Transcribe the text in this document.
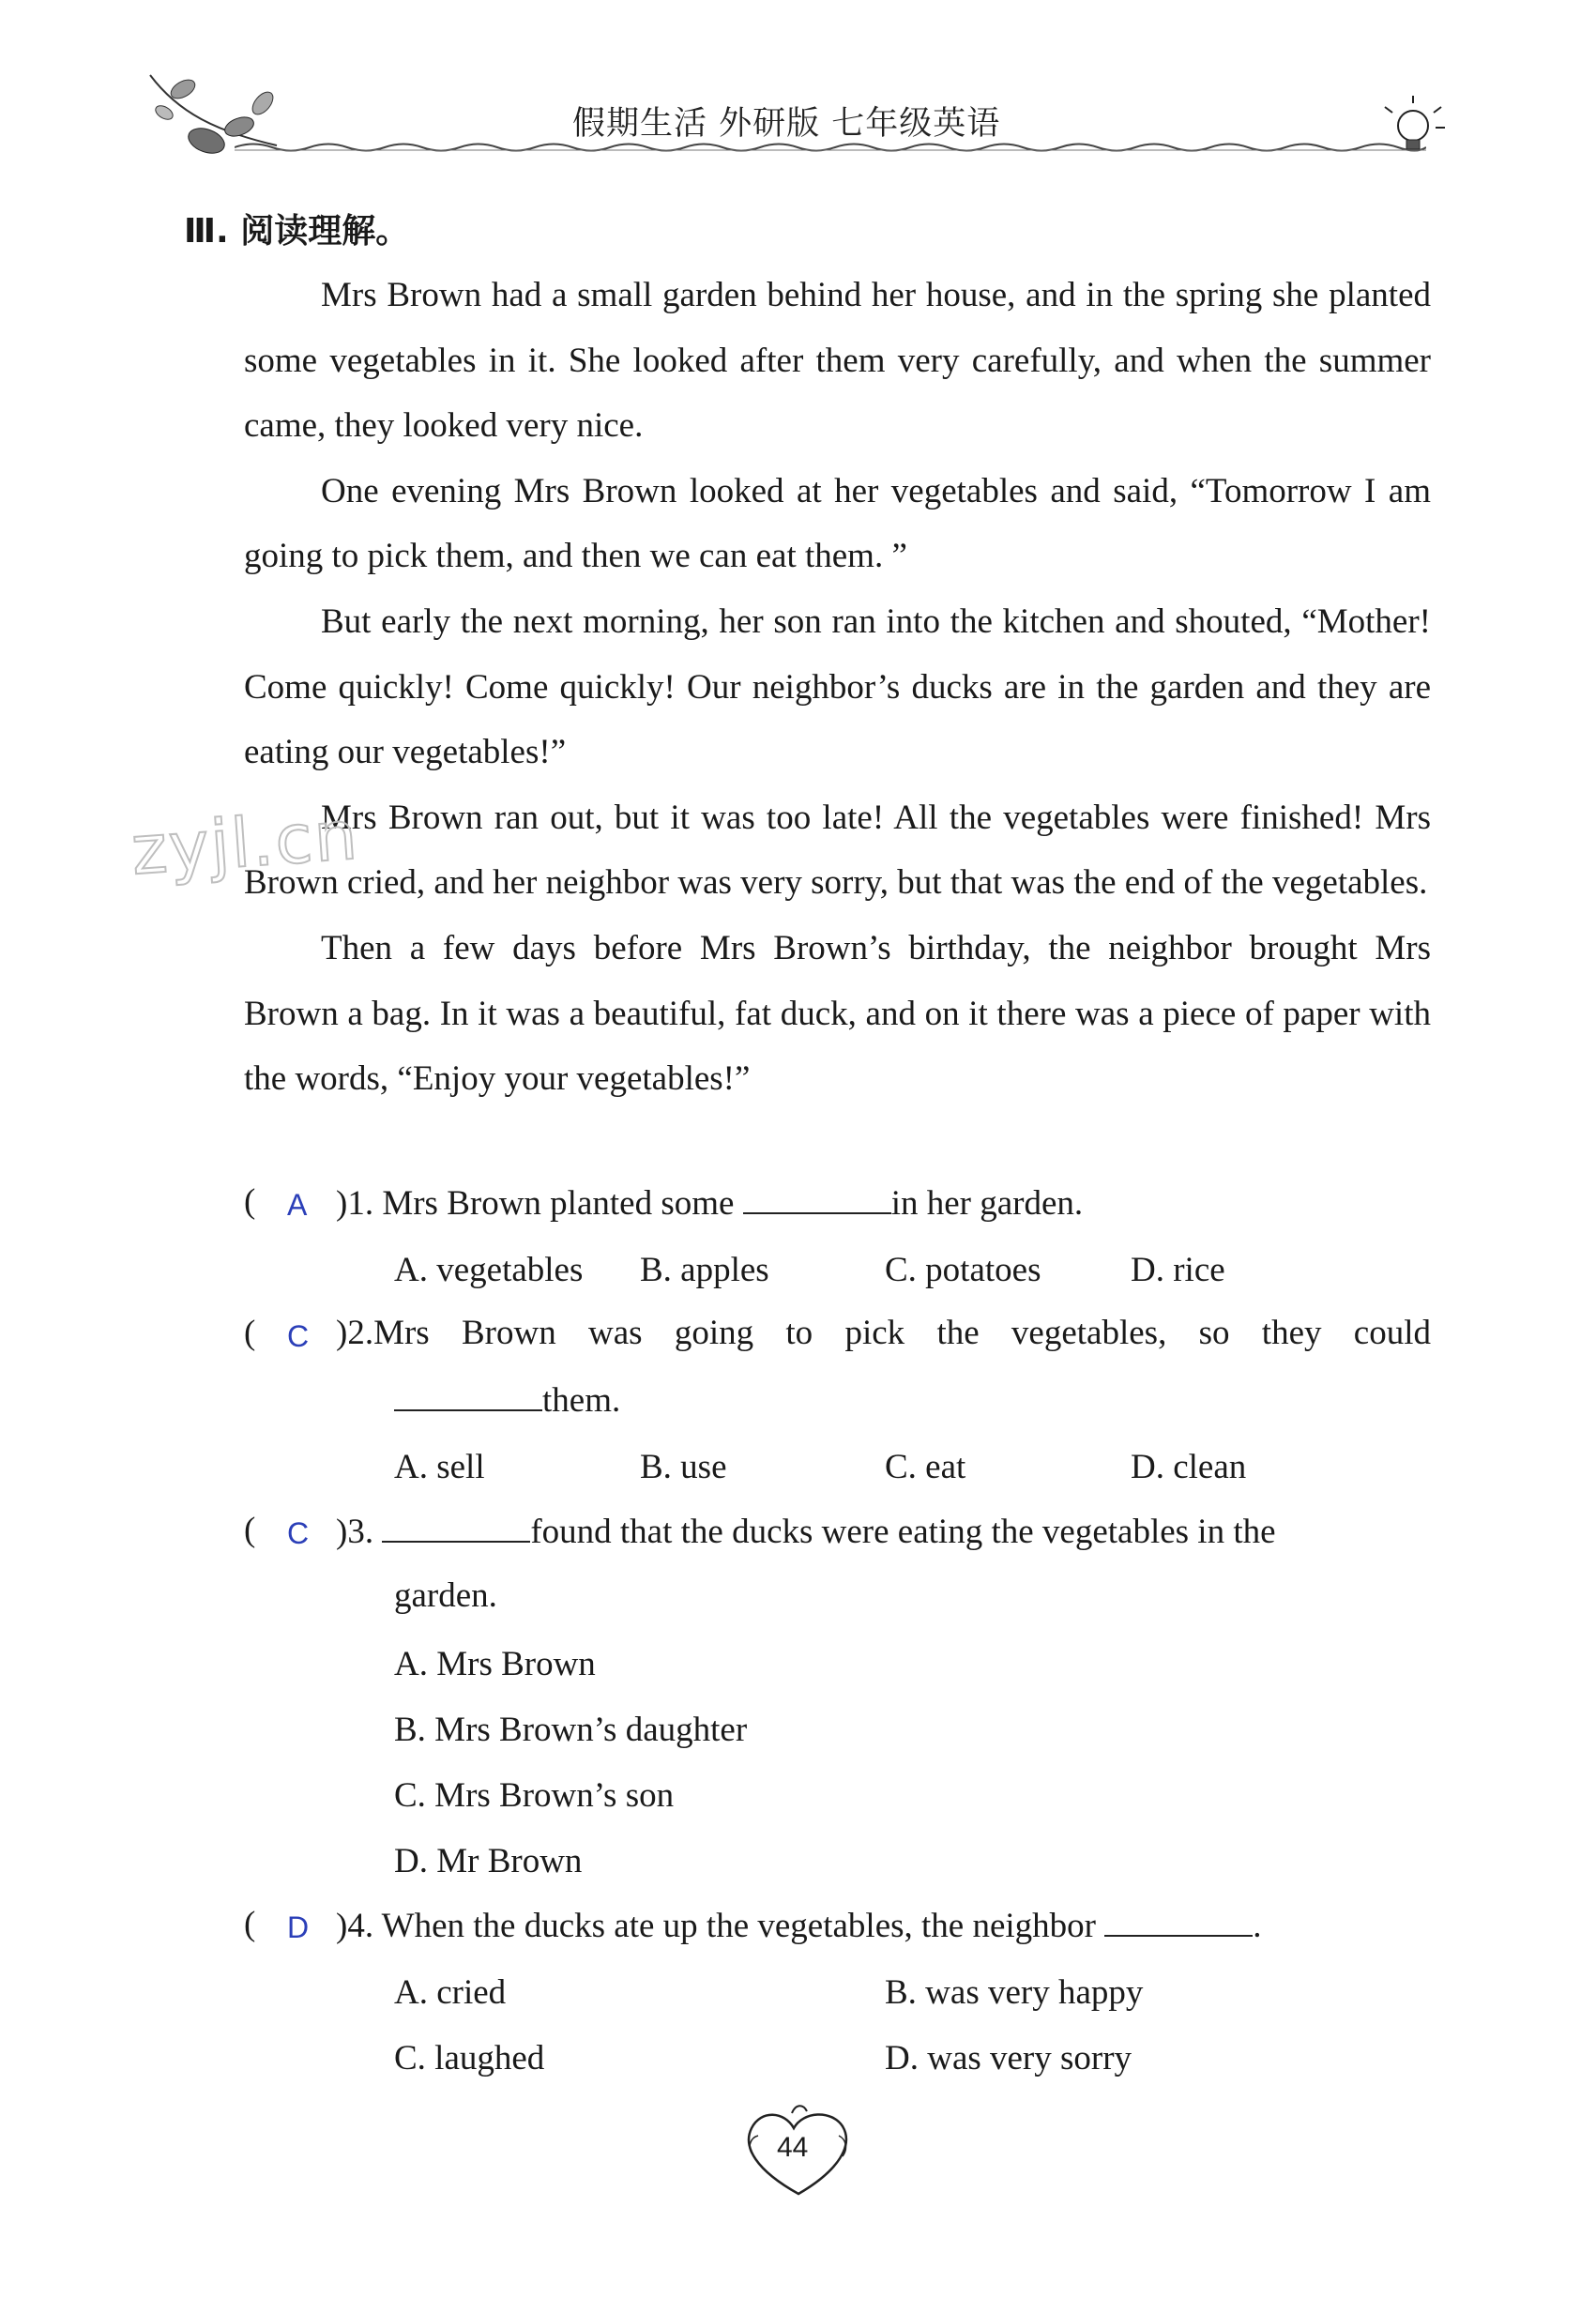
假期生活 外研版 七年级英语
Ⅲ. 阅读理解。

Mrs Brown had a small garden behind her house, and in the spring she planted some vegetables in it. She looked after them very carefully, and when the summer came, they looked very nice.

One evening Mrs Brown looked at her vegetables and said, “Tomorrow I am going to pick them, and then we can eat them. ”

But early the next morning, her son ran into the kitchen and shouted, “Mother! Come quickly! Come quickly! Our neighbor’s ducks are in the garden and they are eating our vegetables!”

Mrs Brown ran out, but it was too late! All the vegetables were finished! Mrs Brown cried, and her neighbor was very sorry, but that was the end of the vegetables.

Then a few days before Mrs Brown’s birthday, the neighbor brought Mrs Brown a bag. In it was a beautiful, fat duck, and on it there was a piece of paper with the words, “Enjoy your vegetables!”

zyjl.cn
( A )1. Mrs Brown planted some	in her garden.
A. vegetables B. apples	C. potatoes	D. rice
( C )2.Mrs Brown was going to pick the vegetables, so they could
them.
A. sell	B. use	C. eat	D. clean
( C )3.	found that the ducks were eating the vegetables in the
garden.
A. Mrs Brown
B. Mrs Brown’s daughter
C. Mrs Brown’s son
D. Mr Brown
( D )4. When the ducks ate up the vegetables, the neighbor	.
A. cried	B. was very happy
C. laughed	D. was very sorry
44
